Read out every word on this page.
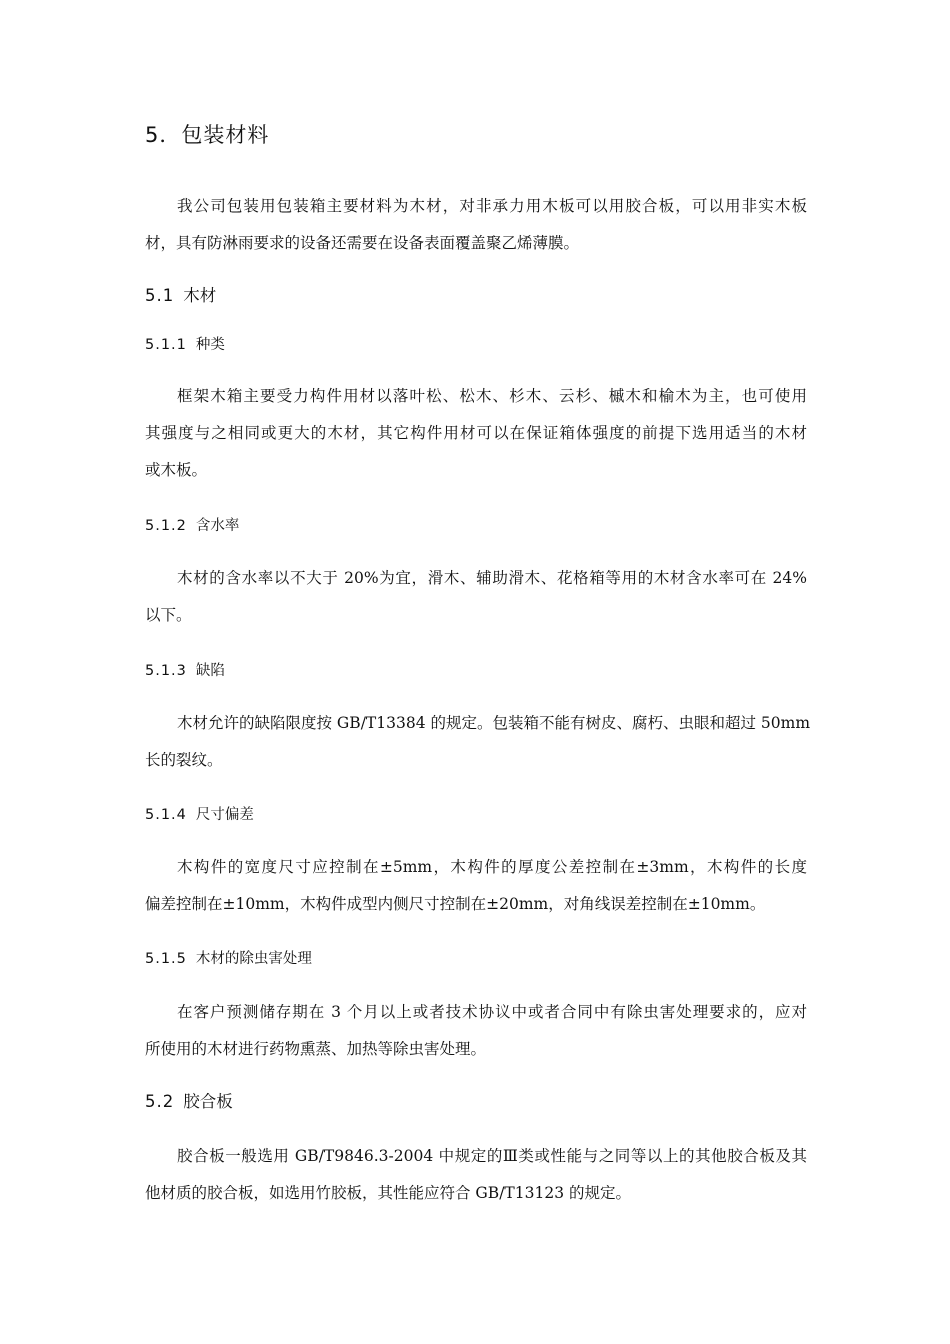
5．包装材料
我公司包装用包装箱主要材料为木材，对非承力用木板可以用胶合板，可以用非实木板
材，具有防淋雨要求的设备还需要在设备表面覆盖聚乙烯薄膜。
5.1 木材
5.1.1 种类
框架木箱主要受力构件用材以落叶松、松木、杉木、云杉、槭木和榆木为主，也可使用
其强度与之相同或更大的木材，其它构件用材可以在保证箱体强度的前提下选用适当的木材
或木板。
5.1.2 含水率
木材的含水率以不大于 20%为宜，滑木、辅助滑木、花格箱等用的木材含水率可在 24%
以下。
5.1.3 缺陷
木材允许的缺陷限度按 GB/T13384 的规定。包装箱不能有树皮、腐朽、虫眼和超过 50mm
长的裂纹。
5.1.4 尺寸偏差
木构件的宽度尺寸应控制在±5mm，木构件的厚度公差控制在±3mm，木构件的长度
偏差控制在±10mm，木构件成型内侧尺寸控制在±20mm，对角线误差控制在±10mm。
5.1.5 木材的除虫害处理
在客户预测储存期在 3 个月以上或者技术协议中或者合同中有除虫害处理要求的，应对
所使用的木材进行药物熏蒸、加热等除虫害处理。
5.2 胶合板
胶合板一般选用 GB/T9846.3-2004 中规定的Ⅲ类或性能与之同等以上的其他胶合板及其
他材质的胶合板，如选用竹胶板，其性能应符合 GB/T13123 的规定。
